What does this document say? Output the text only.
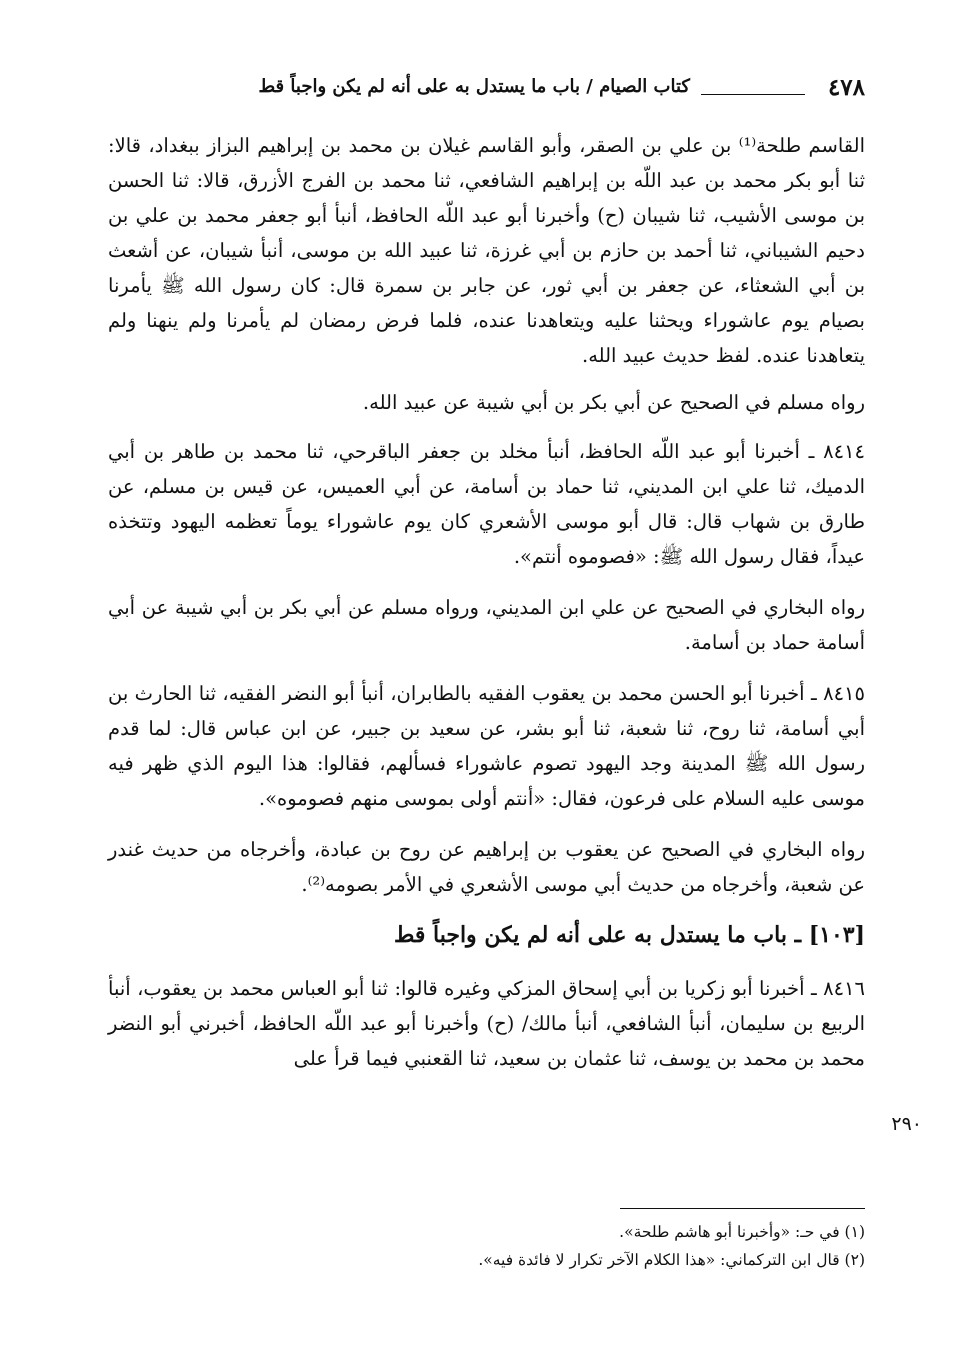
٤٧٨
كتاب الصيام / باب ما يستدل به على أنه لم يكن واجباً قط

القاسم طلحة⁽¹⁾ بن علي بن الصقر، وأبو القاسم غيلان بن محمد بن إبراهيم البزاز ببغداد، قالا: ثنا أبو بكر محمد بن عبد اللّه بن إبراهيم الشافعي، ثنا محمد بن الفرج الأزرق، قالا: ثنا الحسن بن موسى الأشيب، ثنا شيبان (ح) وأخبرنا أبو عبد اللّه الحافظ، أنبأ أبو جعفر محمد بن علي بن دحيم الشيباني، ثنا أحمد بن حازم بن أبي غرزة، ثنا عبيد الله بن موسى، أنبأ شيبان، عن أشعث بن أبي الشعثاء، عن جعفر بن أبي ثور، عن جابر بن سمرة قال: كان رسول الله ﷺ يأمرنا بصيام يوم عاشوراء ويحثنا عليه ويتعاهدنا عنده، فلما فرض رمضان لم يأمرنا ولم ينهنا ولم يتعاهدنا عنده. لفظ حديث عبيد الله.

رواه مسلم في الصحيح عن أبي بكر بن أبي شيبة عن عبيد الله.

٨٤١٤ ـ أخبرنا أبو عبد اللّه الحافظ، أنبأ مخلد بن جعفر الباقرحي، ثنا محمد بن طاهر بن أبي الدميك، ثنا علي ابن المديني، ثنا حماد بن أسامة، عن أبي العميس، عن قيس بن مسلم، عن طارق بن شهاب قال: قال أبو موسى الأشعري كان يوم عاشوراء يوماً تعظمه اليهود وتتخذه عيداً، فقال رسول الله ﷺ: «فصوموه أنتم».

رواه البخاري في الصحيح عن علي ابن المديني، ورواه مسلم عن أبي بكر بن أبي شيبة عن أبي أسامة حماد بن أسامة.

٨٤١٥ ـ أخبرنا أبو الحسن محمد بن يعقوب الفقيه بالطابران، أنبأ أبو النضر الفقيه، ثنا الحارث بن أبي أسامة، ثنا روح، ثنا شعبة، ثنا أبو بشر، عن سعيد بن جبير، عن ابن عباس قال: لما قدم رسول الله ﷺ المدينة وجد اليهود تصوم عاشوراء فسألهم، فقالوا: هذا اليوم الذي ظهر فيه موسى عليه السلام على فرعون، فقال: «أنتم أولى بموسى منهم فصوموه».

رواه البخاري في الصحيح عن يعقوب بن إبراهيم عن روح بن عبادة، وأخرجاه من حديث غندر عن شعبة، وأخرجاه من حديث أبي موسى الأشعري في الأمر بصومه⁽²⁾.

[١٠٣] ـ باب ما يستدل به على أنه لم يكن واجباً قط

٨٤١٦ ـ أخبرنا أبو زكريا بن أبي إسحاق المزكي وغيره قالوا: ثنا أبو العباس محمد بن يعقوب، أنبأ الربيع بن سليمان، أنبأ الشافعي، أنبأ مالك/ (ح) وأخبرنا أبو عبد اللّه الحافظ، أخبرني أبو النضر محمد بن محمد بن يوسف، ثنا عثمان بن سعيد، ثنا القعنبي فيما قرأ على

٢٩٠
(١) في حـ: «وأخبرنا أبو هاشم طلحة».
(٢) قال ابن التركماني: «هذا الكلام الآخر تكرار لا فائدة فيه».
